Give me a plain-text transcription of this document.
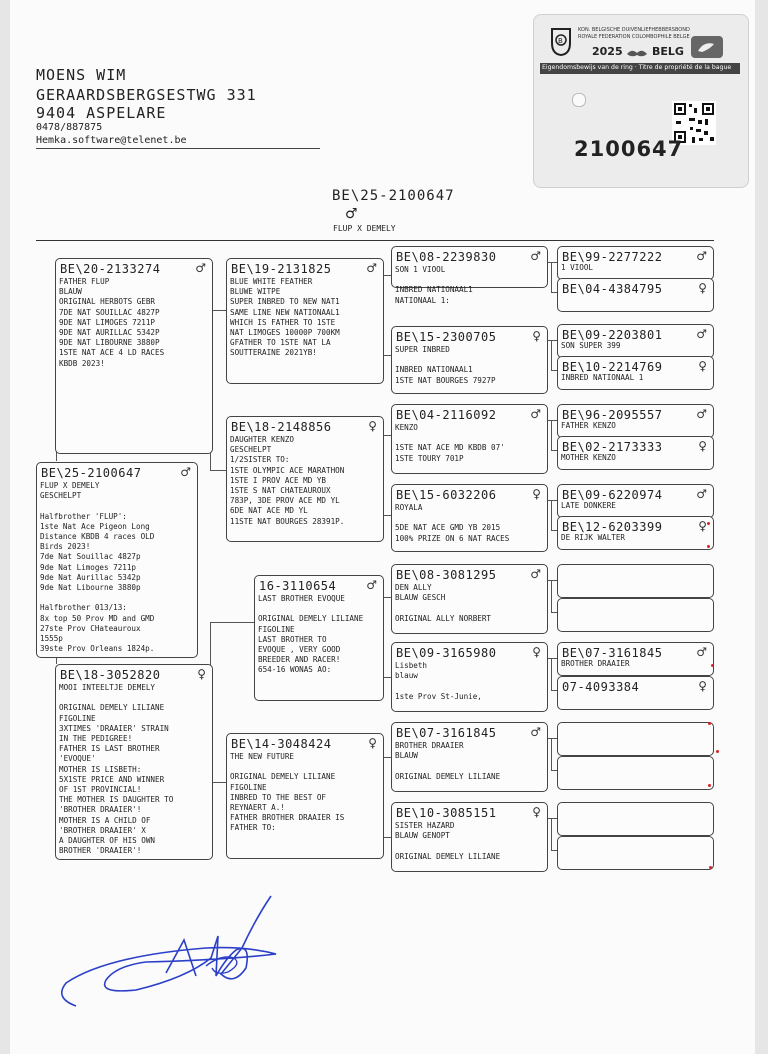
MOENS WIM
GERAARDSBERGSESTWG 331
9404 ASPELARE
0478/887875
Hemka.software@telenet.be
B
KON. BELGISCHE DUIVENLIEFHEBBERSBOND
ROYALE FEDERATION COLOMBOPHILE BELGE
2025	BELG
Eigendomsbewijs van de ring · Titre de propriété de la bague
2100647
BE\25-2100647
♂
FLUP X DEMELY
BE\25-2100647	♂
FLUP X DEMELY
GESCHELPT

Halfbrother 'FLUP':
1ste Nat Ace Pigeon Long
Distance KBDB 4 races OLD
Birds 2023!
7de Nat Souillac 4827p
9de Nat Limoges 7211p
9de Nat Aurillac 5342p
9de Nat Libourne 3880p

Halfbrother 013/13:
8x top 50 Prov MD and GMD
27ste Prov CHateauroux
1555p
39ste Prov Orleans 1824p.
BE\20-2133274	♂
FATHER FLUP
BLAUW
ORIGINAL HERBOTS GEBR
7DE NAT SOUILLAC 4827P
9DE NAT LIMOGES 7211P
9DE NAT AURILLAC 5342P
9DE NAT LIBOURNE 3880P
1STE NAT ACE 4 LD RACES
KBDB 2023!
BE\18-3052820	♀
MOOI INTEELTJE DEMELY

ORIGINAL DEMELY LILIANE
FIGOLINE
3XTIMES 'DRAAIER' STRAIN
IN THE PEDIGREE!
FATHER IS LAST BROTHER
'EVOQUE'
MOTHER IS LISBETH:
5X1STE PRICE AND WINNER
OF 1ST PROVINCIAL!
THE MOTHER IS DAUGHTER TO
'BROTHER DRAAIER'!
MOTHER IS A CHILD OF
'BROTHER DRAAIER' X
A DAUGHTER OF HIS OWN
BROTHER 'DRAAIER'!
BE\19-2131825	♂
BLUE WHITE FEATHER
BLUWE WITPE
SUPER INBRED TO NEW NAT1
SAME LINE NEW NATIONAAL1
WHICH IS FATHER TO 1STE
NAT LIMOGES 10000P 700KM
GFATHER TO 1STE NAT LA
SOUTTERAINE 2021YB!
BE\18-2148856	♀
DAUGHTER KENZO
GESCHELPT
1/2SISTER TO:
1STE OLYMPIC ACE MARATHON
1STE I PROV ACE MD YB
1STE S NAT CHATEAUROUX
783P, 3DE PROV ACE MD YL
6DE NAT ACE MD YL
11STE NAT BOURGES 28391P.
16-3110654 ♂
LAST BROTHER EVOQUE

ORIGINAL DEMELY LILIANE
FIGOLINE
LAST BROTHER TO
EVOQUE , VERY GOOD
BREEDER AND RACER!
654-16 WONAS AO:
BE\14-3048424	♀
THE NEW FUTURE

ORIGINAL DEMELY LILIANE
FIGOLINE
INBRED TO THE BEST OF
REYNAERT A.!
FATHER BROTHER DRAAIER IS
FATHER TO:
BE\08-2239830	♂
SON 1 VIOOL

INBRED NATIONAAL1
NATIONAAL 1:
BE\15-2300705	♀
SUPER INBRED

INBRED NATIONAAL1
1STE NAT BOURGES 7927P
BE\04-2116092	♂
KENZO

1STE NAT ACE MD KBDB 07'
1STE TOURY 701P
BE\15-6032206	♀
ROYALA

5DE NAT ACE GMD YB 2015
100% PRIZE ON 6 NAT RACES
BE\08-3081295	♂
DEN ALLY
BLAUW GESCH

ORIGINAL ALLY NORBERT
BE\09-3165980	♀
Lisbeth
blauw

1ste Prov St-Junie,
BE\07-3161845	♂
BROTHER DRAAIER
BLAUW

ORIGINAL DEMELY LILIANE
BE\10-3085151	♀
SISTER HAZARD
BLAUW GENOPT

ORIGINAL DEMELY LILIANE
BE\99-2277222	♂
1 VIOOL
BE\04-4384795	♀
BE\09-2203801	♂
SON SUPER 399
BE\10-2214769	♀
INBRED NATIONAAL 1
BE\96-2095557	♂
FATHER KENZO
BE\02-2173333	♀
MOTHER KENZO
BE\09-6220974	♂
LATE DONKERE
BE\12-6203399	♀
DE RIJK WALTER
BE\07-3161845	♂
BROTHER DRAAIER
07-4093384	♀
